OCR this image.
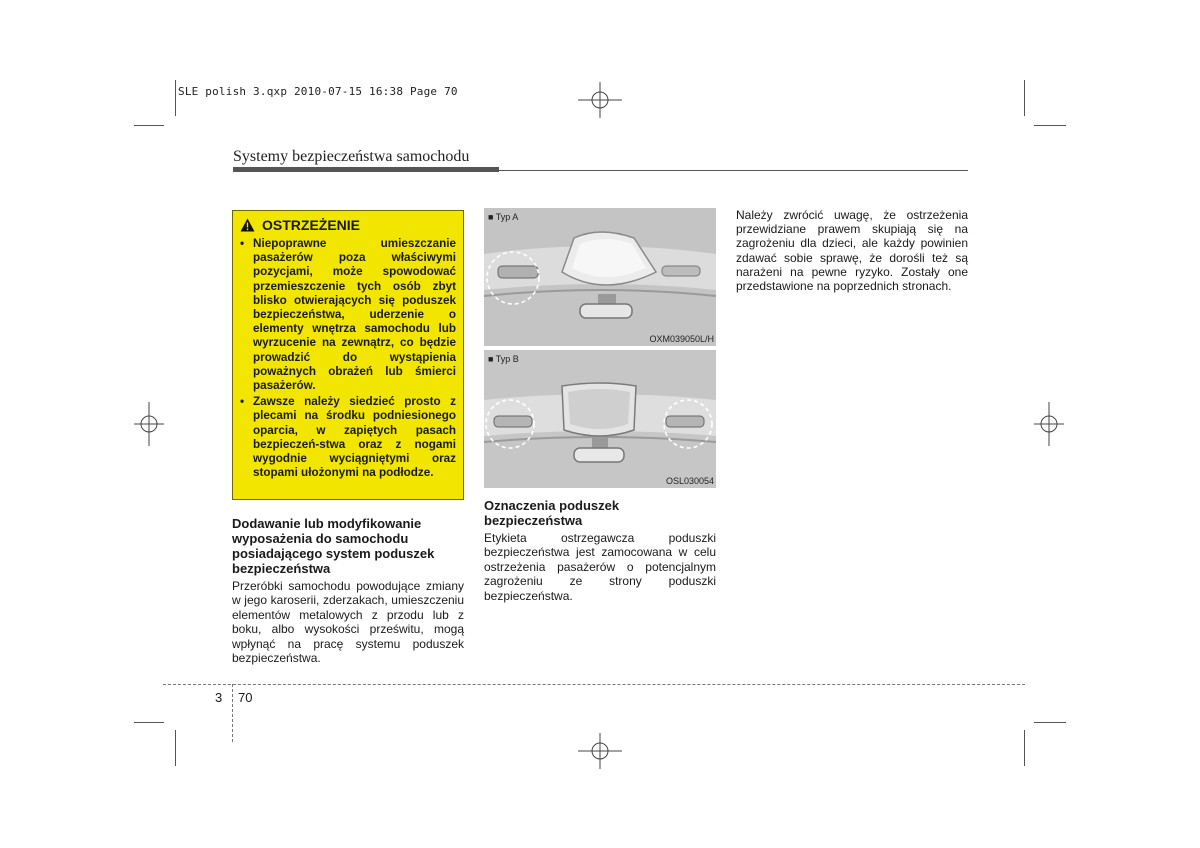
SLE polish 3.qxp 2010-07-15 16:38 Page 70
Systemy bezpieczeństwa samochodu
OSTRZEŻENIE
• Niepoprawne umieszczanie pasażerów poza właściwymi pozycjami, może spowodować przemieszczenie tych osób zbyt blisko otwierających się poduszek bezpieczeństwa, uderzenie o elementy wnętrza samochodu lub wyrzucenie na zewnątrz, co będzie prowadzić do wystąpienia poważnych obrażeń lub śmierci pasażerów.
• Zawsze należy siedzieć prosto z plecami na środku podniesionego oparcia, w zapiętych pasach bezpieczeń-stwa oraz z nogami wygodnie wyciągniętymi oraz stopami ułożonymi na podłodze.
Dodawanie lub modyfikowanie wyposażenia do samochodu posiadającego system poduszek bezpieczeństwa
Przeróbki samochodu powodujące zmiany w jego karoserii, zderzakach, umieszczeniu elementów metalowych z przodu lub z boku, albo wysokości prześwitu, mogą wpłynąć na pracę systemu poduszek bezpieczeństwa.
■ Typ A
OXM039050L/H
■ Typ B
OSL030054
Oznaczenia poduszek bezpieczeństwa
Etykieta ostrzegawcza poduszki bezpieczeństwa jest zamocowana w celu ostrzeżenia pasażerów o potencjalnym zagrożeniu ze strony poduszki bezpieczeństwa.
Należy zwrócić uwagę, że ostrzeżenia przewidziane prawem skupiają się na zagrożeniu dla dzieci, ale każdy powinien zdawać sobie sprawę, że dorośli też są narażeni na pewne ryzyko. Zostały one przedstawione na poprzednich stronach.
3 70
